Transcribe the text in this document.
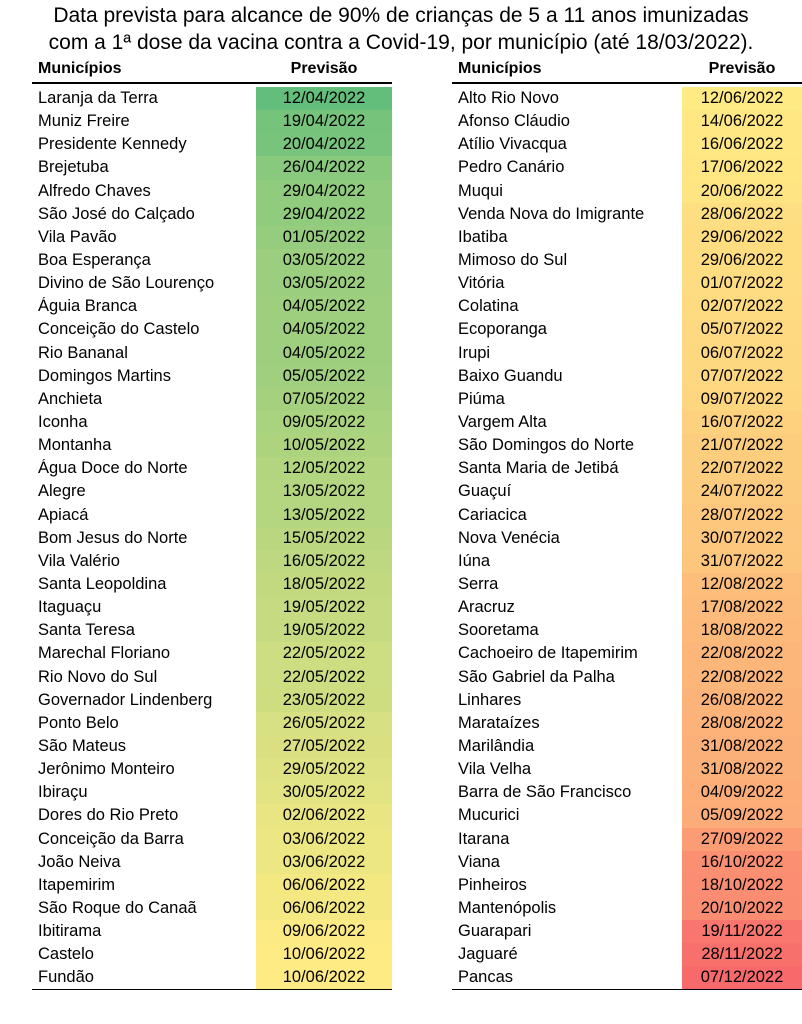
Data prevista para alcance de 90% de crianças de 5 a 11 anos imunizadas
com a 1ª dose da vacina contra a Covid-19, por município (até 18/03/2022).
Municípios	Previsão
Laranja da Terra	12/04/2022
Muniz Freire	19/04/2022
Presidente Kennedy	20/04/2022
Brejetuba	26/04/2022
Alfredo Chaves	29/04/2022
São José do Calçado	29/04/2022
Vila Pavão	01/05/2022
Boa Esperança	03/05/2022
Divino de São Lourenço	03/05/2022
Águia Branca	04/05/2022
Conceição do Castelo	04/05/2022
Rio Bananal	04/05/2022
Domingos Martins	05/05/2022
Anchieta	07/05/2022
Iconha	09/05/2022
Montanha	10/05/2022
Água Doce do Norte	12/05/2022
Alegre	13/05/2022
Apiacá	13/05/2022
Bom Jesus do Norte	15/05/2022
Vila Valério	16/05/2022
Santa Leopoldina	18/05/2022
Itaguaçu	19/05/2022
Santa Teresa	19/05/2022
Marechal Floriano	22/05/2022
Rio Novo do Sul	22/05/2022
Governador Lindenberg	23/05/2022
Ponto Belo	26/05/2022
São Mateus	27/05/2022
Jerônimo Monteiro	29/05/2022
Ibiraçu	30/05/2022
Dores do Rio Preto	02/06/2022
Conceição da Barra	03/06/2022
João Neiva	03/06/2022
Itapemirim	06/06/2022
São Roque do Canaã	06/06/2022
Ibitirama	09/06/2022
Castelo	10/06/2022
Fundão	10/06/2022
Municípios	Previsão
Alto Rio Novo	12/06/2022
Afonso Cláudio	14/06/2022
Atílio Vivacqua	16/06/2022
Pedro Canário	17/06/2022
Muqui	20/06/2022
Venda Nova do Imigrante	28/06/2022
Ibatiba	29/06/2022
Mimoso do Sul	29/06/2022
Vitória	01/07/2022
Colatina	02/07/2022
Ecoporanga	05/07/2022
Irupi	06/07/2022
Baixo Guandu	07/07/2022
Piúma	09/07/2022
Vargem Alta	16/07/2022
São Domingos do Norte	21/07/2022
Santa Maria de Jetibá	22/07/2022
Guaçuí	24/07/2022
Cariacica	28/07/2022
Nova Venécia	30/07/2022
Iúna	31/07/2022
Serra	12/08/2022
Aracruz	17/08/2022
Sooretama	18/08/2022
Cachoeiro de Itapemirim	22/08/2022
São Gabriel da Palha	22/08/2022
Linhares	26/08/2022
Marataízes	28/08/2022
Marilândia	31/08/2022
Vila Velha	31/08/2022
Barra de São Francisco	04/09/2022
Mucurici	05/09/2022
Itarana	27/09/2022
Viana	16/10/2022
Pinheiros	18/10/2022
Mantenópolis	20/10/2022
Guarapari	19/11/2022
Jaguaré	28/11/2022
Pancas	07/12/2022
